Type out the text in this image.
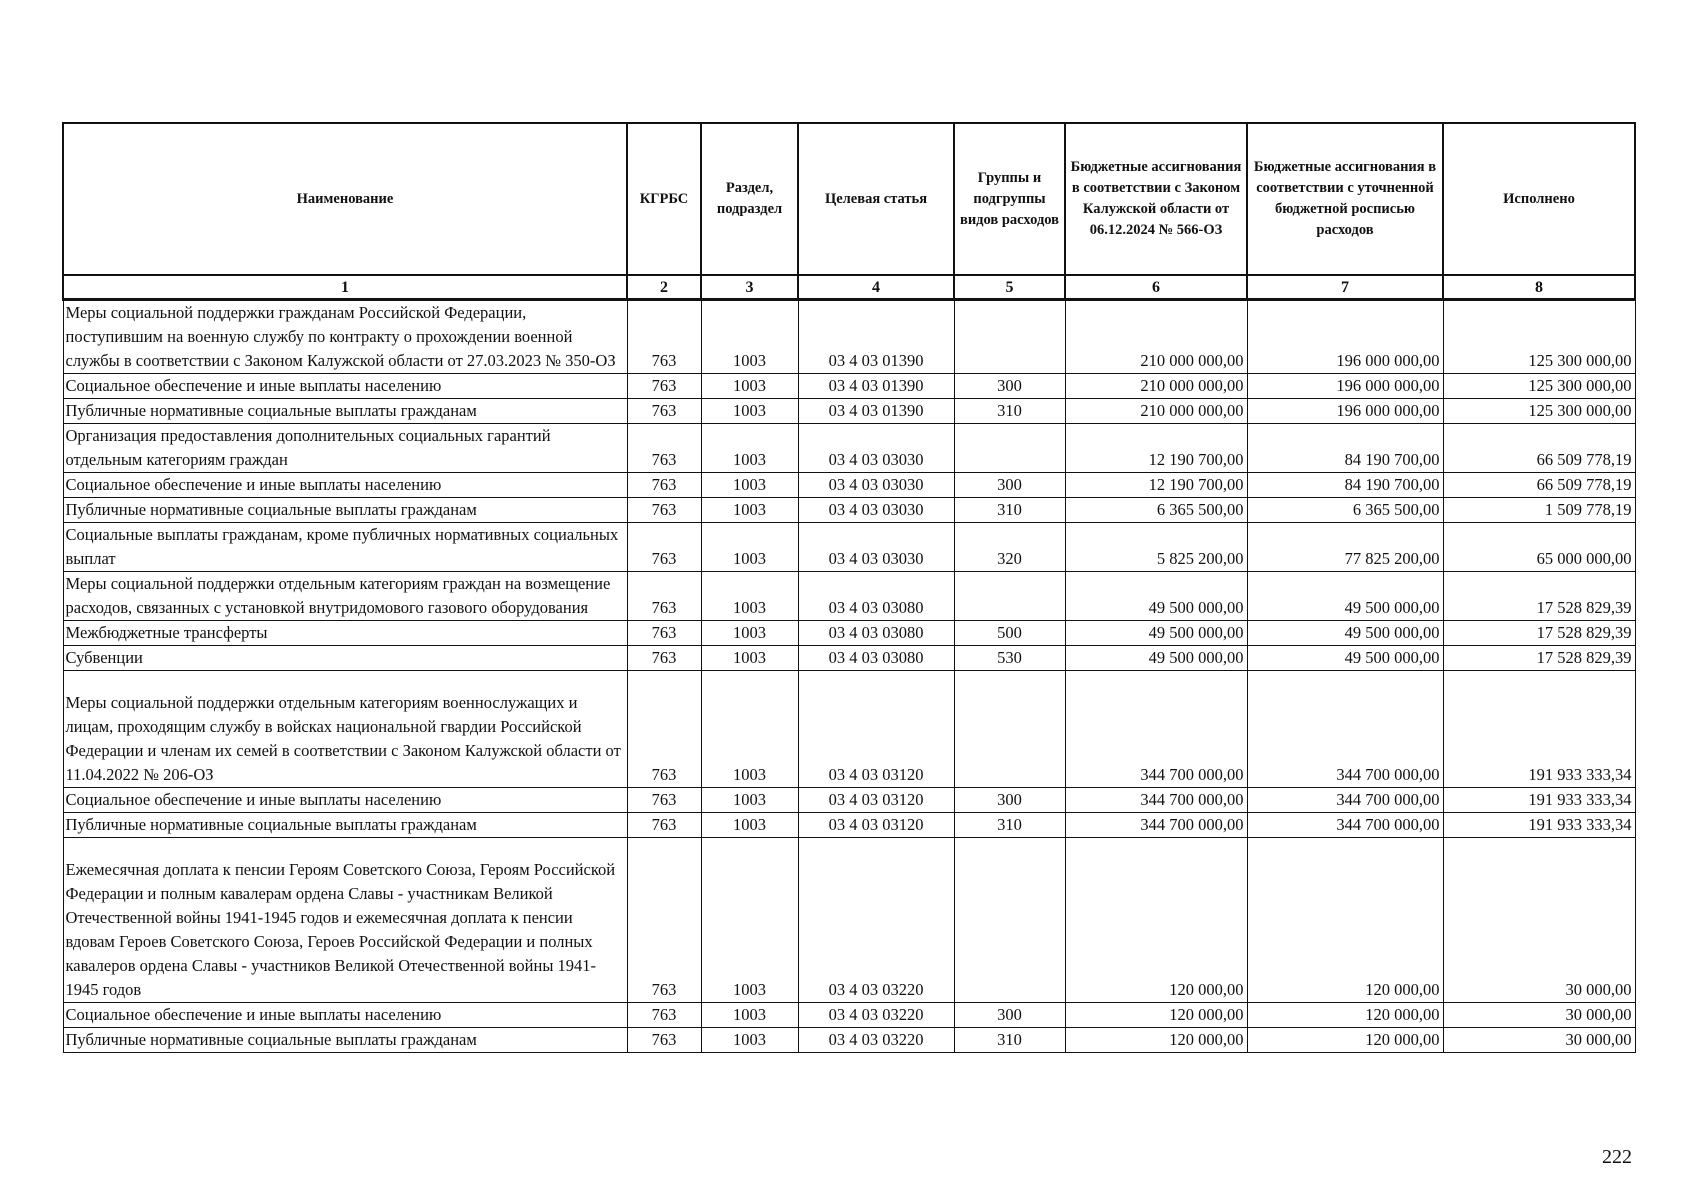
Наименование	КГРБС	Раздел, подраздел	Целевая статья	Группы и подгруппы видов расходов	Бюджетные ассигнования в соответствии с Законом Калужской области от 06.12.2024 № 566-ОЗ	Бюджетные ассигнования в соответствии с уточненной бюджетной росписью расходов	Исполнено
1	2	3	4	5	6	7	8
Меры социальной поддержки гражданам Российской Федерации, поступившим на военную службу по контракту о прохождении военной службы в соответствии с Законом Калужской области от 27.03.2023 № 350-ОЗ	763	1003	03 4 03 01390		210 000 000,00	196 000 000,00	125 300 000,00
Социальное обеспечение и иные выплаты населению	763	1003	03 4 03 01390	300	210 000 000,00	196 000 000,00	125 300 000,00
Публичные нормативные социальные выплаты гражданам	763	1003	03 4 03 01390	310	210 000 000,00	196 000 000,00	125 300 000,00
Организация предоставления дополнительных социальных гарантий отдельным категориям граждан	763	1003	03 4 03 03030		12 190 700,00	84 190 700,00	66 509 778,19
Социальное обеспечение и иные выплаты населению	763	1003	03 4 03 03030	300	12 190 700,00	84 190 700,00	66 509 778,19
Публичные нормативные социальные выплаты гражданам	763	1003	03 4 03 03030	310	6 365 500,00	6 365 500,00	1 509 778,19
Социальные выплаты гражданам, кроме публичных нормативных социальных выплат	763	1003	03 4 03 03030	320	5 825 200,00	77 825 200,00	65 000 000,00
Меры социальной поддержки отдельным категориям граждан на возмещение расходов, связанных с установкой внутридомового газового оборудования	763	1003	03 4 03 03080		49 500 000,00	49 500 000,00	17 528 829,39
Межбюджетные трансферты	763	1003	03 4 03 03080	500	49 500 000,00	49 500 000,00	17 528 829,39
Субвенции	763	1003	03 4 03 03080	530	49 500 000,00	49 500 000,00	17 528 829,39

Меры социальной поддержки отдельным категориям военнослужащих и лицам, проходящим службу в войсках национальной гвардии Российской Федерации и членам их семей в соответствии с Законом Калужской области от 11.04.2022 № 206-ОЗ	763	1003	03 4 03 03120		344 700 000,00	344 700 000,00	191 933 333,34
Социальное обеспечение и иные выплаты населению	763	1003	03 4 03 03120	300	344 700 000,00	344 700 000,00	191 933 333,34
Публичные нормативные социальные выплаты гражданам	763	1003	03 4 03 03120	310	344 700 000,00	344 700 000,00	191 933 333,34

Ежемесячная доплата к пенсии Героям Советского Союза, Героям Российской Федерации и полным кавалерам ордена Славы - участникам Великой Отечественной войны 1941-1945 годов и ежемесячная доплата к пенсии вдовам Героев Советского Союза, Героев Российской Федерации и полных кавалеров ордена Славы - участников Великой Отечественной войны 1941-1945 годов	763	1003	03 4 03 03220		120 000,00	120 000,00	30 000,00
Социальное обеспечение и иные выплаты населению	763	1003	03 4 03 03220	300	120 000,00	120 000,00	30 000,00
Публичные нормативные социальные выплаты гражданам	763	1003	03 4 03 03220	310	120 000,00	120 000,00	30 000,00
222
